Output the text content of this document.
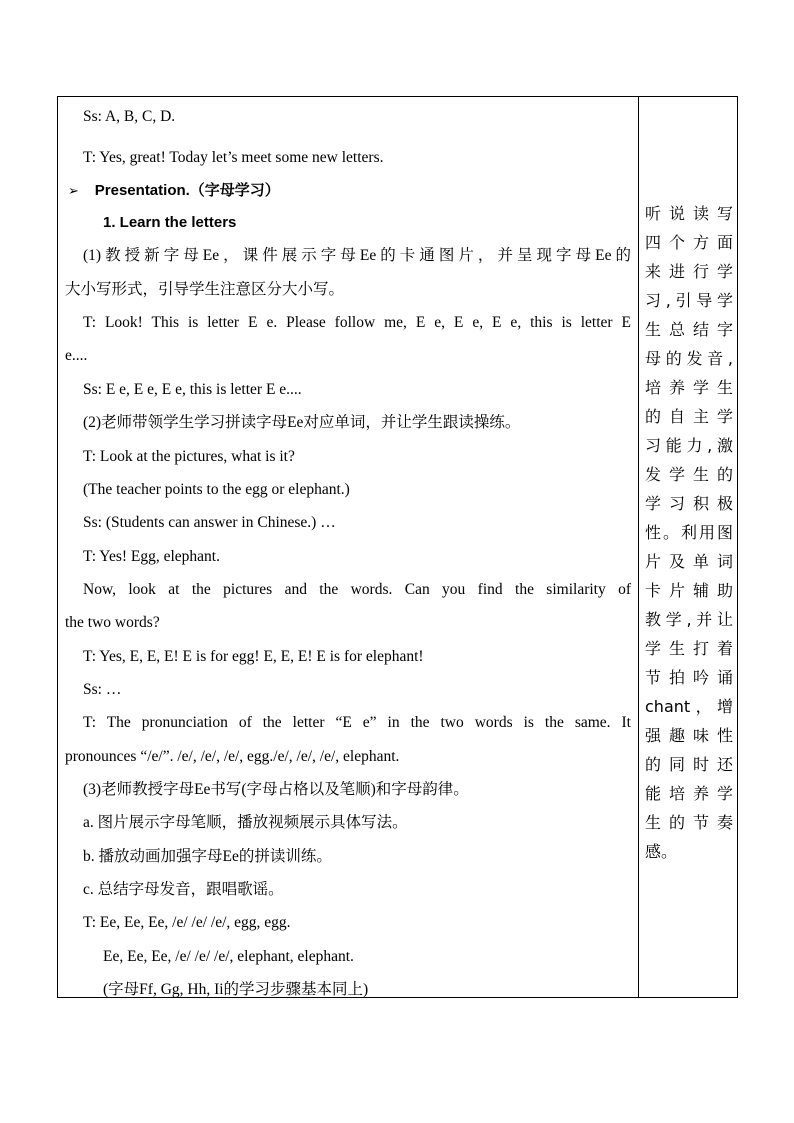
Ss: A, B, C, D.
T: Yes, great! Today let’s meet some new letters.
➢ Presentation.（字母学习）
1. Learn the letters
(1)教授新字母Ee，课件展示字母Ee的卡通图片，并呈现字母Ee的
大小写形式，引导学生注意区分大小写。
T: Look! This is letter E e. Please follow me, E e, E e, E e, this is letter E
e....
Ss: E e, E e, E e, this is letter E e....
(2)老师带领学生学习拼读字母Ee对应单词，并让学生跟读操练。
T: Look at the pictures, what is it?
(The teacher points to the egg or elephant.)
Ss: (Students can answer in Chinese.) …
T: Yes! Egg, elephant.
Now, look at the pictures and the words. Can you find the similarity of
the two words?
T: Yes, E, E, E! E is for egg! E, E, E! E is for elephant!
Ss: …
T: The pronunciation of the letter “E e” in the two words is the same. It
pronounces “/e/”. /e/, /e/, /e/, egg./e/, /e/, /e/, elephant.
(3)老师教授字母Ee书写(字母占格以及笔顺)和字母韵律。
a. 图片展示字母笔顺，播放视频展示具体写法。
b. 播放动画加强字母Ee的拼读训练。
c. 总结字母发音，跟唱歌谣。
T: Ee, Ee, Ee, /e/ /e/ /e/, egg, egg.
Ee, Ee, Ee, /e/ /e/ /e/, elephant, elephant.
(字母Ff, Gg, Hh, Ii的学习步骤基本同上)
听说读写
四个方面
来进行学
习,引导学
生总结字
母的发音,
培养学生
的自主学
习能力,激
发学生的
学习积极
性。利用图
片及单词
卡片辅助
教学,并让
学生打着
节拍吟诵
chant，增
强趣味性
的同时还
能培养学
生的节奏
感。
